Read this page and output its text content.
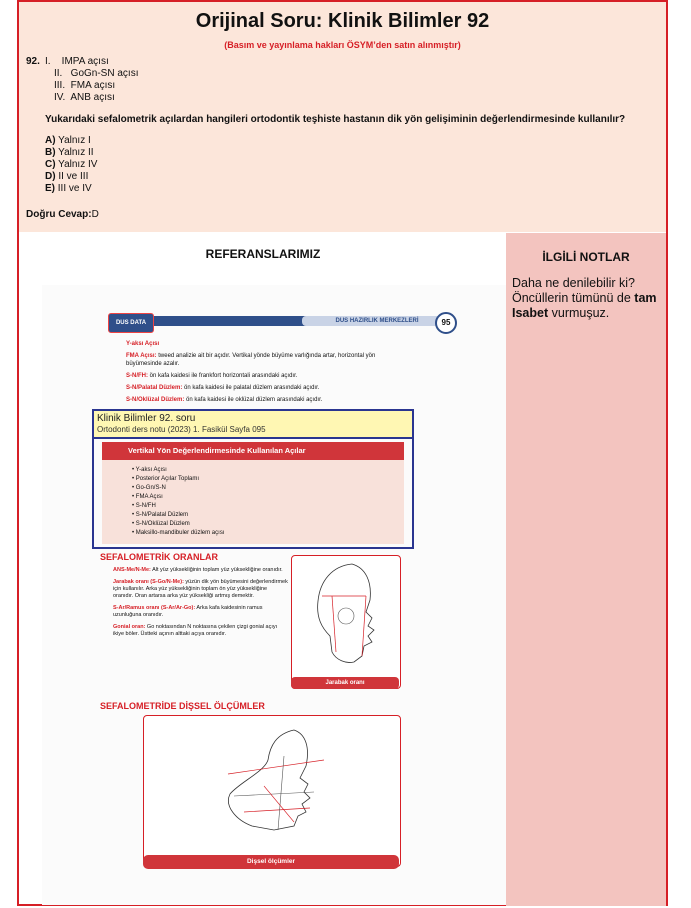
Orijinal Soru: Klinik Bilimler 92
(Basım ve yayınlama hakları ÖSYM’den satın alınmıştır)
92. I.    IMPA açısı
II.   GoGn-SN açısı
III.  FMA açısı
IV.  ANB açısı
Yukarıdaki sefalometrik açılardan hangileri ortodontik teşhiste hastanın dik yön gelişiminin değerlendirmesinde kullanılır?
A) Yalnız I
B) Yalnız II
C) Yalnız IV
D) II ve III
E) III ve IV
Doğru Cevap:D
REFERANSLARIMIZ
DUS HAZIRLIK MERKEZLERİ
DUS DATA	95
Y-aksı Açısı
FMA Açısı: tweed analizie ait bir açıdır. Vertikal yönde büyüme varlığında artar, horizontal yön büyümesinde azalır.
S-N/FH: ön kafa kaidesi ile frankfort horizontali arasındaki açıdır.
S-N/Palatal Düzlem: ön kafa kaidesi ile palatal düzlem arasındaki açıdır.
S-N/Oklüzal Düzlem: ön kafa kaidesi ile oklüzal düzlem arasındaki açıdır.
Klinik Bilimler 92. soru
Ortodonti ders notu (2023) 1. Fasikül Sayfa 095
Vertikal Yön Değerlendirmesinde Kullanılan Açılar
• Y-aksı Açısı
• Posterior Açılar Toplamı
• Go-Gn/S-N
• FMA Açısı
• S-N/FH
• S-N/Palatal Düzlem
• S-N/Oklüzal Düzlem
• Maksillo-mandibuler düzlem açısı
SEFALOMETRİK ORANLAR
ANS-Me/N-Me: Alt yüz yüksekliğinin toplam yüz yüksekliğine oranıdır.
Jarabak oranı (S-Go/N-Me): yüzün dik yön büyümesini değerlendirmek için kullanılır. Arka yüz yüksekliğinin toplam ön yüz yüksekliğine oranıdır. Oran artarsa arka yüz yüksekliği artmış demektir.
S-Ar/Ramus oranı (S-Ar/Ar-Go): Arka kafa kaidesinin ramus uzunluğuna oranıdır.
Gonial oran: Go noktasından N noktasına çekilen çizgi gonial açıyı ikiye böler. Üstteki açının alttaki açıya oranıdır.
Jarabak oranı
SEFALOMETRİDE DİŞSEL ÖLÇÜMLER
Dişsel ölçümler
İLGİLİ NOTLAR
Daha ne denilebilir ki? Öncüllerin tümünü de tam Isabet vurmuşuz.
